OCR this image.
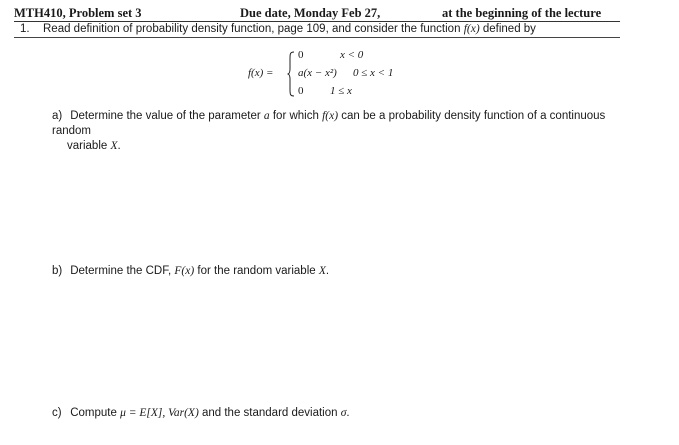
MTH410, Problem set 3	Due date, Monday Feb 27,	at the beginning of the lecture
1. Read definition of probability density function, page 109, and consider the function f(x) defined by
f(x) =
0	x < 0
a(x − x²) 0 ≤ x < 1
0 1 ≤ x
a) Determine the value of the parameter a for which f(x) can be a probability density function of a continuous random
variable X.
b) Determine the CDF, F(x) for the random variable X.
c) Compute μ = E[X], Var(X) and the standard deviation σ.
